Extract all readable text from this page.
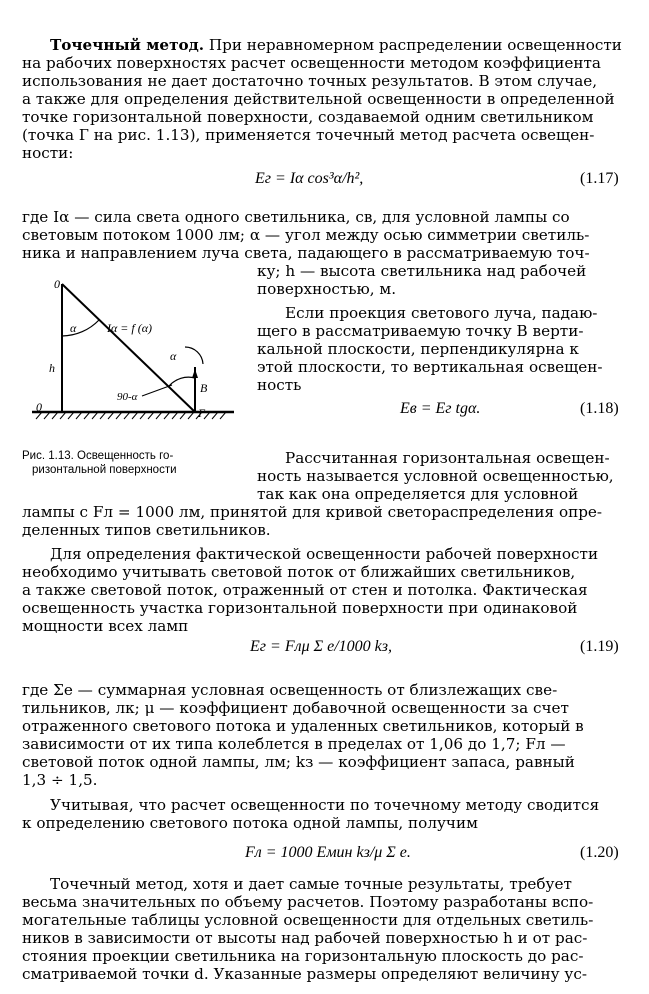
Точечный метод. При неравномерном распределении освещенности

на рабочих поверхностях расчет освещенности методом коэффициента

использования не дает достаточно точных результатов. В этом случае,

а также для определения действительной освещенности в определенной

точке горизонтальной поверхности, создаваемой одним светильником

(точка Г на рис. 1.13), применяется точечный метод расчета освещен-

ности:

Eг = Iα cos³α/h²,	(1.17)

где Iα — сила света одного светильника, св, для условной лампы со

световым потоком 1000 лм; α — угол между осью симметрии светиль-

ника и направлением луча света, падающего в рассматриваемую точ-

ку; h — высота светильника над рабочей

поверхностью, м.

Если проекция светового луча, падаю-

щего в рассматриваемую точку В верти-

кальной плоскости, перпендикулярна к

этой плоскости, то вертикальная освещен-

ность

Eв = Eг tgα.	(1.18)
0
h
Iα = f (α)
α
α
90-α
B
Г
0
Рис. 1.13. Освещенность го-
ризонтальной поверхности

Рассчитанная горизонтальная освещен-

ность называется условной освещенностью,

так как она определяется для условной

лампы с Fл = 1000 лм, принятой для кривой светораспределения опре-

деленных типов светильников.

Для определения фактической освещенности рабочей поверхности

необходимо учитывать световой поток от ближайших светильников,

а также световой поток, отраженный от стен и потолка. Фактическая

освещенность участка горизонтальной поверхности при одинаковой

мощности всех ламп

Eг = Fлμ Σ e/1000 kз,	(1.19)

где Σe — суммарная условная освещенность от близлежащих све-

тильников, лк; μ — коэффициент добавочной освещенности за счет

отраженного светового потока и удаленных светильников, который в

зависимости от их типа колеблется в пределах от 1,06 до 1,7; Fл —

световой поток одной лампы, лм; kз — коэффициент запаса, равный

1,3 ÷ 1,5.

Учитывая, что расчет освещенности по точечному методу сводится

к определению светового потока одной лампы, получим

Fл = 1000 Eмин kз/μ Σ e.	(1.20)

Точечный метод, хотя и дает самые точные результаты, требует

весьма значительных по объему расчетов. Поэтому разработаны вспо-

могательные таблицы условной освещенности для отдельных светиль-

ников в зависимости от высоты над рабочей поверхностью h и от рас-

стояния проекции светильника на горизонтальную плоскость до рас-

сматриваемой точки d. Указанные размеры определяют величину ус-
